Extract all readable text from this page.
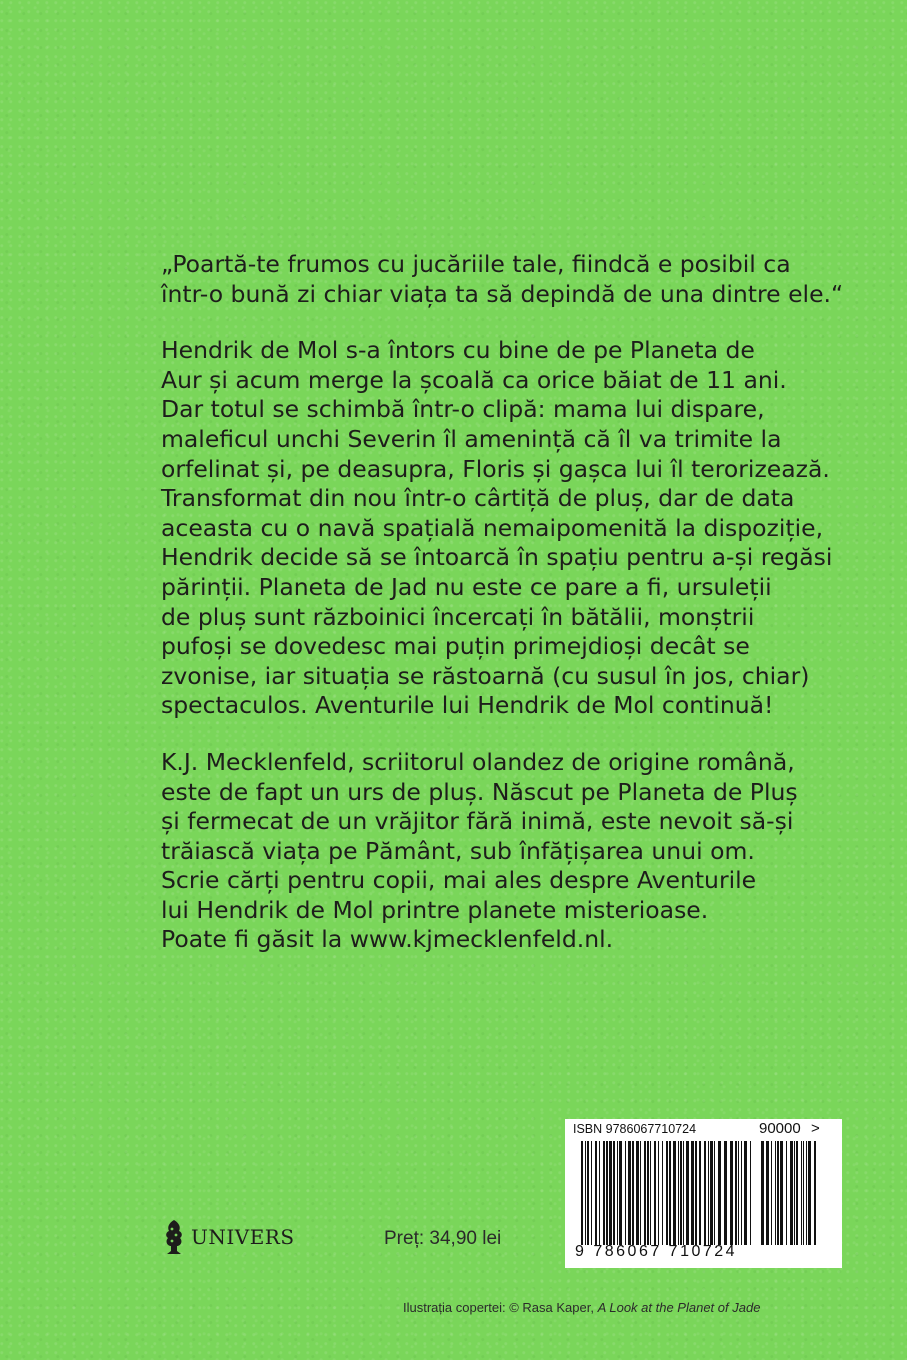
„Poartă-te frumos cu jucăriile tale, fiindcă e posibil ca
într-o bună zi chiar viața ta să depindă de una dintre ele.“

Hendrik de Mol s-a întors cu bine de pe Planeta de
Aur și acum merge la școală ca orice băiat de 11 ani.
Dar totul se schimbă într-o clipă: mama lui dispare,
maleficul unchi Severin îl amenință că îl va trimite la
orfelinat și, pe deasupra, Floris și gașca lui îl terorizează.
Transformat din nou într-o cârtiță de pluș, dar de data
aceasta cu o navă spațială nemaipomenită la dispoziție,
Hendrik decide să se întoarcă în spațiu pentru a-și regăsi
părinții. Planeta de Jad nu este ce pare a fi, ursuleții
de pluș sunt războinici încercați în bătălii, monștrii
pufoși se dovedesc mai puțin primejdioși decât se
zvonise, iar situația se răstoarnă (cu susul în jos, chiar)
spectaculos. Aventurile lui Hendrik de Mol continuă!

K.J. Mecklenfeld, scriitorul olandez de origine română,
este de fapt un urs de pluș. Născut pe Planeta de Pluș
și fermecat de un vrăjitor fără inimă, este nevoit să-și
trăiască viața pe Pământ, sub înfățișarea unui om.
Scrie cărți pentru copii, mai ales despre Aventurile
lui Hendrik de Mol printre planete misterioase.
Poate fi găsit la www.kjmecklenfeld.nl.

UNIVERS	Preț: 34,90 lei
ISBN 9786067710724	90000 >
9 786067 710724
Ilustrația copertei: © Rasa Kaper, A Look at the Planet of Jade
